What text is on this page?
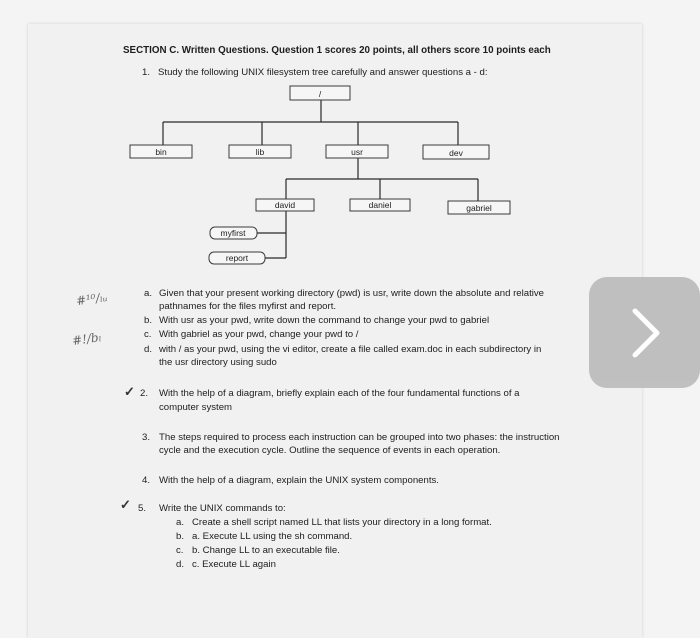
SECTION C. Written Questions. Question 1 scores 20 points, all others score 10 points each
1. Study the following UNIX filesystem tree carefully and answer questions a - d:
/
bin	lib	usr	dev
david	daniel	gabriel
myfirst
report
a. Given that your present working directory (pwd) is usr, write down the absolute and relative
pathnames for the files myfirst and report.
b. With usr as your pwd, write down the command to change your pwd to gabriel
c. With gabriel as your pwd, change your pwd to /
d. with / as your pwd, using the vi editor, create a file called exam.doc in each subdirectory in
the usr directory using sudo
#¹⁰/ₗᵤ
#!/bₗ
✓
✓
2. With the help of a diagram, briefly explain each of the four fundamental functions of a
computer system
3. The steps required to process each instruction can be grouped into two phases: the instruction
cycle and the execution cycle. Outline the sequence of events in each operation.
4. With the help of a diagram, explain the UNIX system components.
5. Write the UNIX commands to:
a. Create a shell script named LL that lists your directory in a long format.
b. a. Execute LL using the sh command.
c. b. Change LL to an executable file.
d. c. Execute LL again
